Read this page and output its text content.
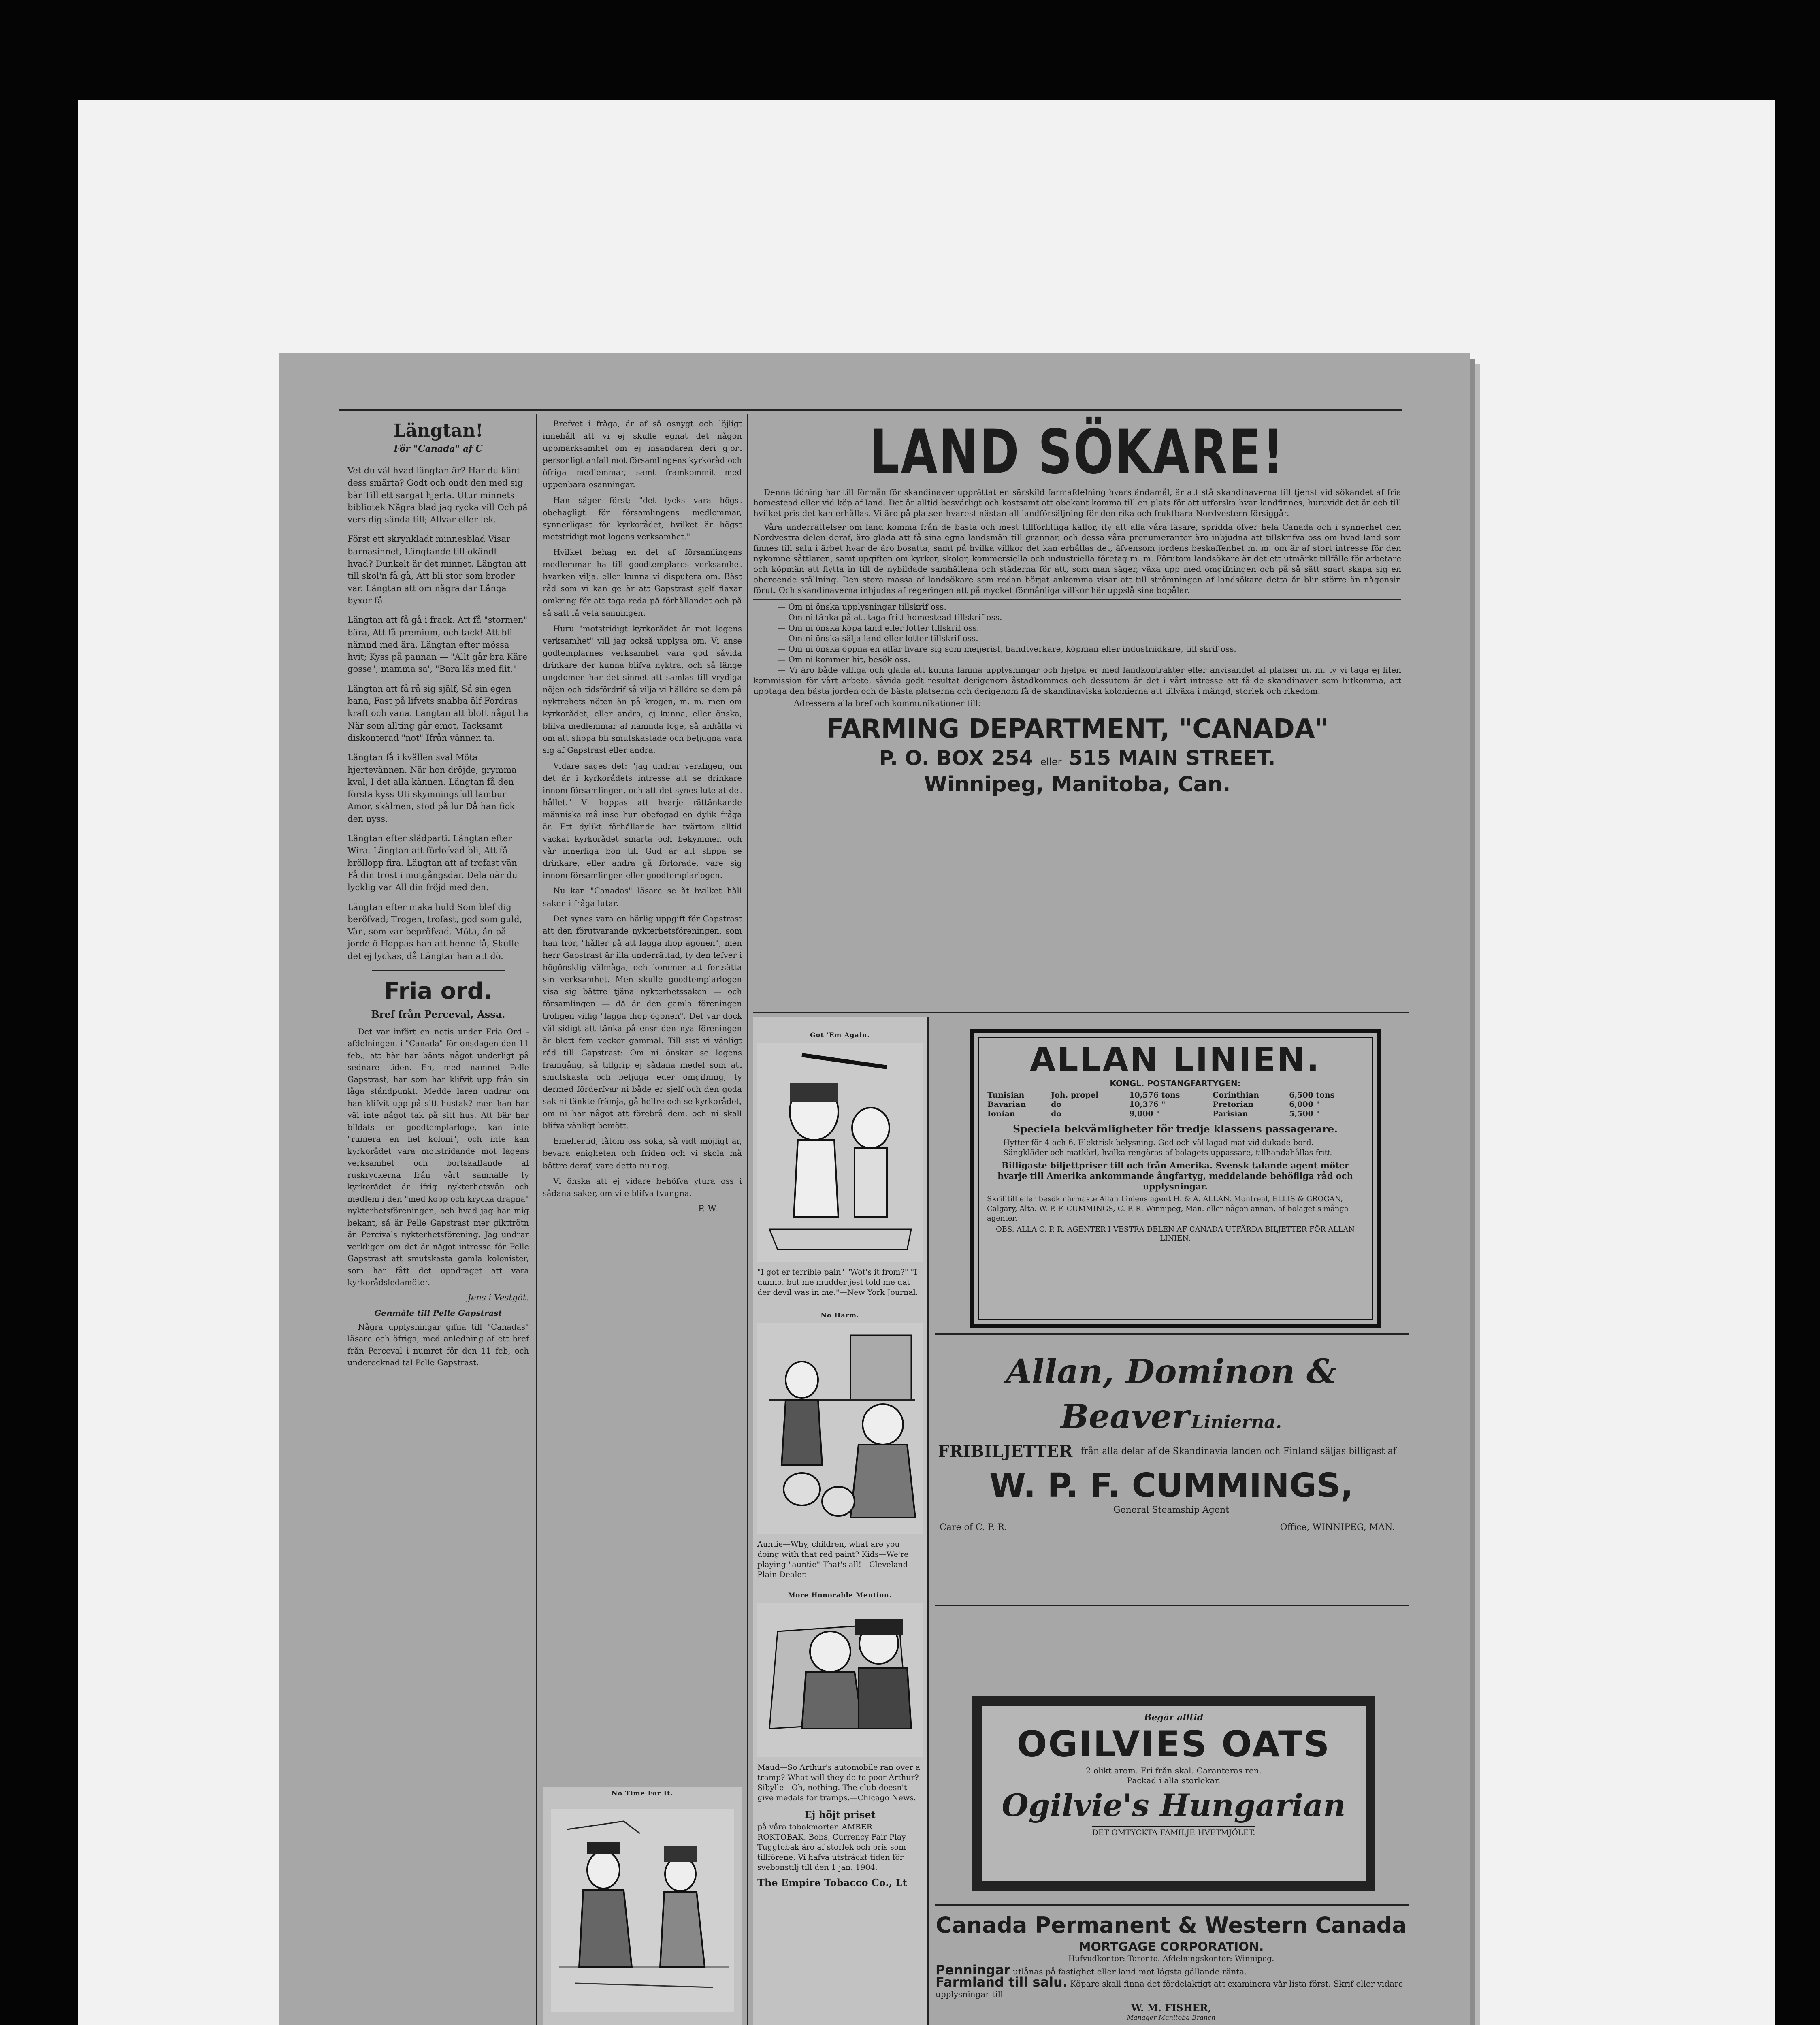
Längtan!
För "Canada" af C

Vet du väl hvad längtan är? Har du känt dess smärta? Godt och ondt den med sig bär Till ett sargat hjerta. Utur minnets bibliotek Några blad jag rycka vill Och på vers dig sända till; Allvar eller lek.

Först ett skrynkladt minnesblad Visar barnasinnet, Längtande till okändt — hvad? Dunkelt är det minnet. Längtan att till skol'n få gå, Att bli stor som broder var. Längtan att om några dar Långa byxor få.

Längtan att få gå i frack. Att få "stormen" bära, Att få premium, och tack! Att bli nämnd med ära. Längtan efter mössa hvit; Kyss på pannan — "Allt går bra Käre gosse", mamma sa', "Bara läs med flit."

Längtan att få rå sig själf, Så sin egen bana, Fast på lifvets snabba älf Fordras kraft och vana. Längtan att blott något ha När som allting går emot, Tacksamt diskonterad "not" Ifrån vännen ta.

Längtan få i kvällen sval Möta hjertevännen. När hon dröjde, grymma kval, I det alla kännen. Längtan få den första kyss Uti skymningsfull lambur Amor, skälmen, stod på lur Då han fick den nyss.

Längtan efter slädparti. Längtan efter Wira. Längtan att förlofvad bli, Att få bröllopp fira. Längtan att af trofast vän Få din tröst i motgångsdar. Dela när du lycklig var All din fröjd med den.

Längtan efter maka huld Som blef dig beröfvad; Trogen, trofast, god som guld, Vän, som var bepröfvad. Möta, ån på jorde-ö Hoppas han att henne få, Skulle det ej lyckas, då Längtar han att dö.

Fria ord.
Bref från Perceval, Assa.

Det var infört en notis under Fria Ord - afdelningen, i "Canada" för onsdagen den 11 feb., att här har bänts något underligt på sednare tiden. En, med namnet Pelle Gapstrast, har som har klifvit upp från sin låga ståndpunkt. Medde laren undrar om han klifvit upp på sitt hustak? men han har väl inte något tak på sitt hus. Att bär har bildats en goodtemplarloge, kan inte "ruinera en hel koloni", och inte kan kyrkorådet vara motstridande mot lagens verksamhet och bortskaffande af ruskryckerna från vårt samhälle ty kyrkorådet är ifrig nykterhetsvän och medlem i den "med kopp och krycka dragna" nykterhetsföreningen, och hvad jag har mig bekant, så är Pelle Gapstrast mer gikttrötn än Percivals nykterhetsförening. Jag undrar verkligen om det är något intresse för Pelle Gapstrast att smutskasta gamla kolonister, som har fått det uppdraget att vara kyrkorådsledamöter.

Jens i Vestgöt.
Genmäle till Pelle Gapstrast

Några upplysningar gifna till "Canadas" läsare och öfriga, med anledning af ett bref från Perceval i numret för den 11 feb, och underecknad tal Pelle Gapstrast.

Brefvet i fråga, är af så osnygt och löjligt innehåll att vi ej skulle egnat det någon uppmärksamhet om ej insändaren deri gjort personligt anfall mot församlingens kyrkoråd och öfriga medlemmar, samt framkommit med uppenbara osanningar.

Han säger först; "det tycks vara högst obehagligt för församlingens medlemmar, synnerligast för kyrkorådet, hvilket är högst motstridigt mot logens verksamhet."

Hvilket behag en del af församlingens medlemmar ha till goodtemplares verksamhet hvarken vilja, eller kunna vi disputera om. Bäst råd som vi kan ge är att Gapstrast sjelf flaxar omkring för att taga reda på förhållandet och på så sätt få veta sanningen.

Huru "motstridigt kyrkorådet är mot logens verksamhet" vill jag också upplysa om. Vi anse godtemplarnes verksamhet vara god såvida drinkare der kunna blifva nyktra, och så länge ungdomen har det sinnet att samlas till vrydiga nöjen och tidsfördrif så vilja vi hälldre se dem på nyktrehets nöten än på krogen, m. m. men om kyrkorådet, eller andra, ej kunna, eller önska, blifva medlemmar af nämnda loge, så anhålla vi om att slippa bli smutskastade och beljugna vara sig af Gapstrast eller andra.

Vidare säges det: "jag undrar verkligen, om det är i kyrkorådets intresse att se drinkare innom församlingen, och att det synes lute at det hållet." Vi hoppas att hvarje rättänkande människa må inse hur obefogad en dylik fråga är. Ett dylikt förhållande har tvärtom alltid väckat kyrkorådet smärta och bekymmer, och vår innerliga bön till Gud är att slippa se drinkare, eller andra gå förlorade, vare sig innom församlingen eller goodtemplarlogen.

Nu kan "Canadas" läsare se åt hvilket håll saken i fråga lutar.

Det synes vara en härlig uppgift för Gapstrast att den förutvarande nykterhetsföreningen, som han tror, "håller på att lägga ihop ägonen", men herr Gapstrast är illa underrättad, ty den lefver i högönsklig välmåga, och kommer att fortsätta sin verksamhet. Men skulle goodtemplarlogen visa sig bättre tjäna nykterhetssaken — och församlingen — då är den gamla föreningen troligen villig "lägga ihop ögonen". Det var dock väl sidigt att tänka på ensr den nya föreningen är blott fem veckor gammal. Till sist vi vänligt råd till Gapstrast: Om ni önskar se logens framgång, så tillgrip ej sådana medel som att smutskasta och beljuga eder omgifning, ty dermed förderfvar ni både er sjelf och den goda sak ni tänkte främja, gå hellre och se kyrkorådet, om ni har något att förebrå dem, och ni skall blifva vänligt bemött.

Emellertid, låtom oss söka, så vidt möjligt är, bevara enigheten och friden och vi skola må bättre deraf, vare detta nu nog.

Vi önska att ej vidare behöfva ytura oss i sådana saker, om vi e blifva tvungna.

P. W.
No Time For It.
LAND SÖKARE!

Denna tidning har till förmån för skandinaver upprättat en särskild farmafdelning hvars ändamål, är att stå skandinaverna till tjenst vid sökandet af fria homestead eller vid köp af land. Det är alltid besvärligt och kostsamt att obekant komma till en plats för att utforska hvar landfinnes, huruvidt det är och till hvilket pris det kan erhållas. Vi äro på platsen hvarest nästan all landförsäljning för den rika och fruktbara Nordvestern försiggår.

Våra underrättelser om land komma från de bästa och mest tillförlitliga källor, ity att alla våra läsare, spridda öfver hela Canada och i synnerhet den Nordvestra delen deraf, äro glada att få sina egna landsmän till grannar, och dessa våra prenumeranter äro inbjudna att tillskrifva oss om hvad land som finnes till salu i ärbet hvar de äro bosatta, samt på hvilka villkor det kan erhållas det, äfvensom jordens beskaffenhet m. m. om är af stort intresse för den nykomne såttlaren, samt upgiften om kyrkor, skolor, kommersiella och industriella företag m. m. Förutom landsökare är det ett utmärkt tillfälle för arbetare och köpmän att flytta in till de nybildade samhällena och städerna för att, som man säger, växa upp med omgifningen och på så sätt snart skapa sig en oberoende ställning. Den stora massa af landsökare som redan börjat ankomma visar att till strömningen af landsökare detta år blir större än någonsin förut. Och skandinaverna inbjudas af regeringen att på mycket förmånliga villkor här uppslå sina bopålar.

— Om ni önska upplysningar tillskrif oss.

— Om ni tänka på att taga fritt homestead tillskrif oss.

— Om ni önska köpa land eller lotter tillskrif oss.

— Om ni önska sälja land eller lotter tillskrif oss.

— Om ni önska öppna en affär hvare sig som meijerist, handtverkare, köpman eller industriidkare, till skrif oss.

— Om ni kommer hit, besök oss.

— Vi äro både villiga och glada att kunna lämna upplysningar och hjelpa er med landkontrakter eller anvisandet af platser m. m. ty vi taga ej liten kommission för vårt arbete, såvida godt resultat derigenom åstadkommes och dessutom är det i vårt intresse att få de skandinaver som hitkomma, att upptaga den bästa jorden och de bästa platserna och derigenom få de skandinaviska kolonierna att tillväxa i mängd, storlek och rikedom.

Adressera alla bref och kommunikationer till:

FARMING DEPARTMENT, "CANADA"
P. O. BOX 254 eller 515 MAIN STREET.
Winnipeg, Manitoba, Can.
Got 'Em Again.
"I got er terrible pain" "Wot's it from?" "I dunno, but me mudder jest told me dat der devil was in me."—New York Journal.
No Harm.
Auntie—Why, children, what are you doing with that red paint? Kids—We're playing "auntie" That's all!—Cleveland Plain Dealer.
More Honorable Mention.
Maud—So Arthur's automobile ran over a tramp? What will they do to poor Arthur? Sibylle—Oh, nothing. The club doesn't give medals for tramps.—Chicago News.
Ej höjt priset
på våra tobakmorter. AMBER ROKTOBAK, Bobs, Currency Fair Play Tuggtobak äro af storlek och pris som tillförene. Vi hafva utsträckt tiden för svebonstilj till den 1 jan. 1904.
The Empire Tobacco Co., Lt
ALLAN LINIEN.
KONGL. POSTANGFARTYGEN:
Tunisian	Joh. propel	10,576 tons	Corinthian	6,500 tons
Bavarian	do	10,376 "	Pretorian	6,000 "
Ionian	do	9,000 "	Parisian	5,500 "
Speciela bekvämligheter för tredje klassens passagerare.
Hytter för 4 och 6. Elektrisk belysning. God och väl lagad mat vid dukade bord.
Sängkläder och matkärl, hvilka rengöras af bolagets uppassare, tillhandahållas fritt.
Billigaste biljettpriser till och från Amerika. Svensk talande agent möter hvarje till Amerika ankommande ångfartyg, meddelande behöfliga råd och upplysningar.
Skrif till eller besök närmaste Allan Liniens agent H. & A. ALLAN, Montreal, ELLIS & GROGAN, Calgary, Alta. W. P. F. CUMMINGS, C. P. R. Winnipeg, Man. eller någon annan, af bolaget s många agenter.
OBS. ALLA C. P. R. AGENTER I VESTRA DELEN AF CANADA UTFÄRDA BILJETTER FÖR ALLAN LINIEN.
Allan, Dominon &
Beaver Linierna.
FRIBILJETTER från alla delar af de Skandinavia landen och Finland säljas billigast af
W. P. F. CUMMINGS,
General Steamship Agent
Care of C. P. R.	Office, WINNIPEG, MAN.
Begär alltid
OGILVIES OATS
2 olikt arom. Fri från skal. Garanteras ren.
Packad i alla storlekar.
Ogilvie's Hungarian
DET OMTYCKTA FAMILJE-HVETMJÖLET.
Canada Permanent & Western Canada
MORTGAGE CORPORATION.
Hufvudkontor: Toronto. Afdelningskontor: Winnipeg.
Penningar utlånas på fastighet eller land mot lägsta gällande ränta.
Farmland till salu. Köpare skall finna det fördelaktigt att examinera vår lista först. Skrif eller vidare upplysningar till
W. M. FISHER,
Manager Manitoba Branch
